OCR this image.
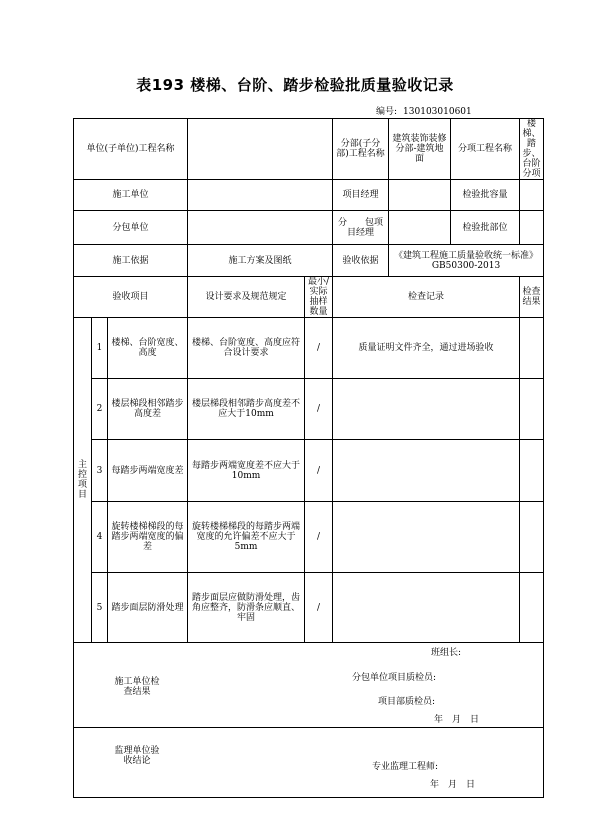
表193 楼梯、台阶、踏步检验批质量验收记录
编号: 130103010601
单位(子单位)工程名称					分部(子分部)工程名称	建筑装饰装修分部-建筑地面	分项工程名称	楼梯、踏步、台阶分项
施工单位					项目经理		检验批容量	
分包单位					分　　包项目经理		检验批部位	
施工依据			施工方案及图纸		验收依据	《建筑工程施工质量验收统一标准》GB50300-2013		
验收项目			设计要求及规范规定	最小/实际抽样数量	检查记录			检查结果

主控项目	1	楼梯、台阶宽度、高度	楼梯、台阶宽度、高度应符合设计要求	/	质量证明文件齐全，通过进场验收			
	2	楼层梯段相邻踏步高度差	楼层梯段相邻踏步高度差不应大于10mm	/				
	3	每踏步两端宽度差	每踏步两端宽度差不应大于10mm	/				
	4	旋转楼梯梯段的每踏步两端宽度的偏差	旋转楼梯梯段的每踏步两端宽度的允许偏差不应大于5mm	/				
	5	踏步面层防滑处理	踏步面层应做防滑处理，齿角应整齐，防滑条应顺直、牢固	/				

施工单位检查结果
班组长:
分包单位项目质检员:
项目部质检员:
年　月　日								

监理单位验收结论
专业监理工程师:
年　月　日								
